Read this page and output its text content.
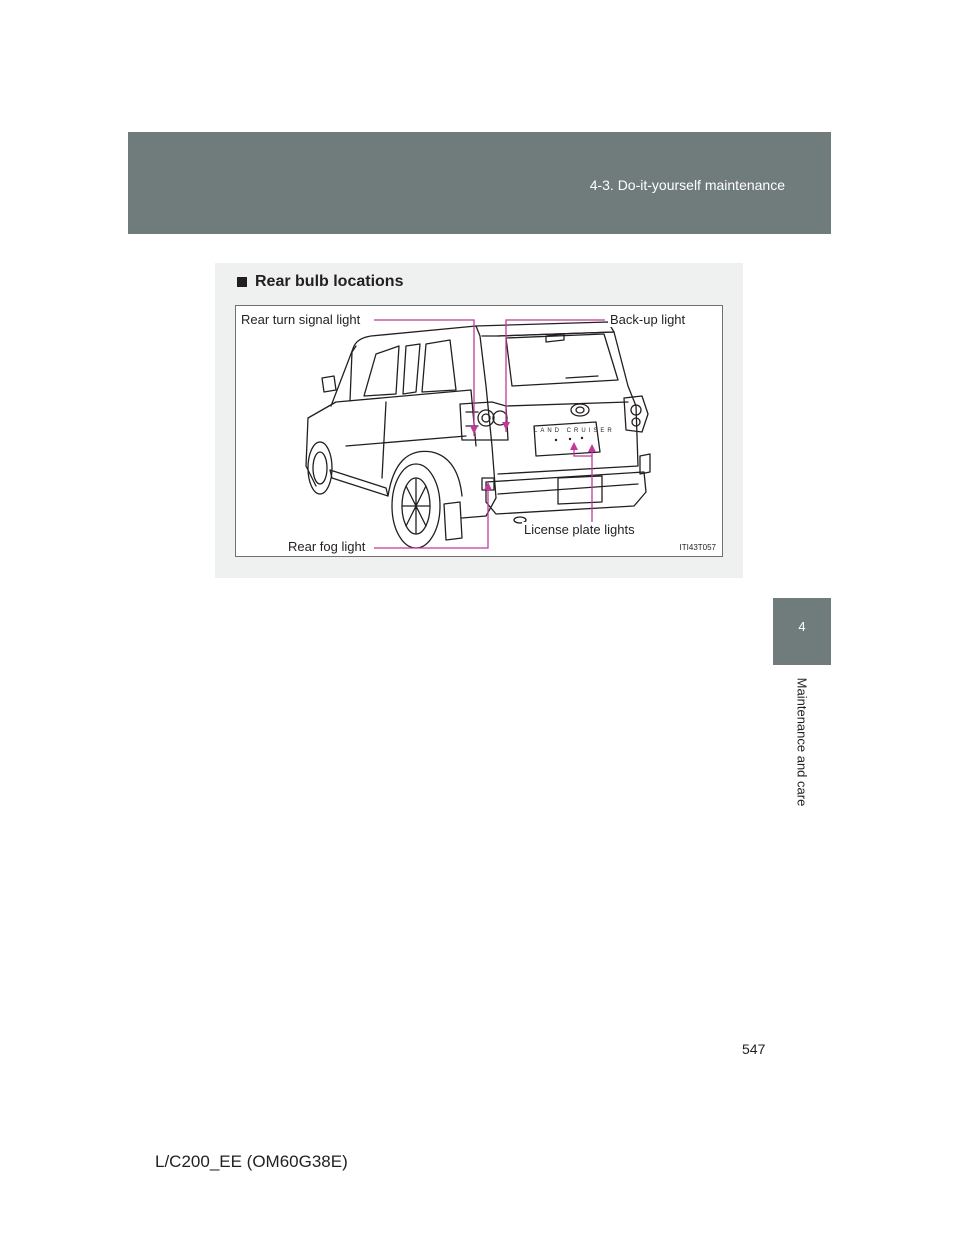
4-3. Do-it-yourself maintenance
4
Maintenance and care
Rear bulb locations
LAND CRUISER
Rear turn signal light	Back-up light
License plate lights
Rear fog light	ITI43T057
547
L/C200_EE (OM60G38E)
